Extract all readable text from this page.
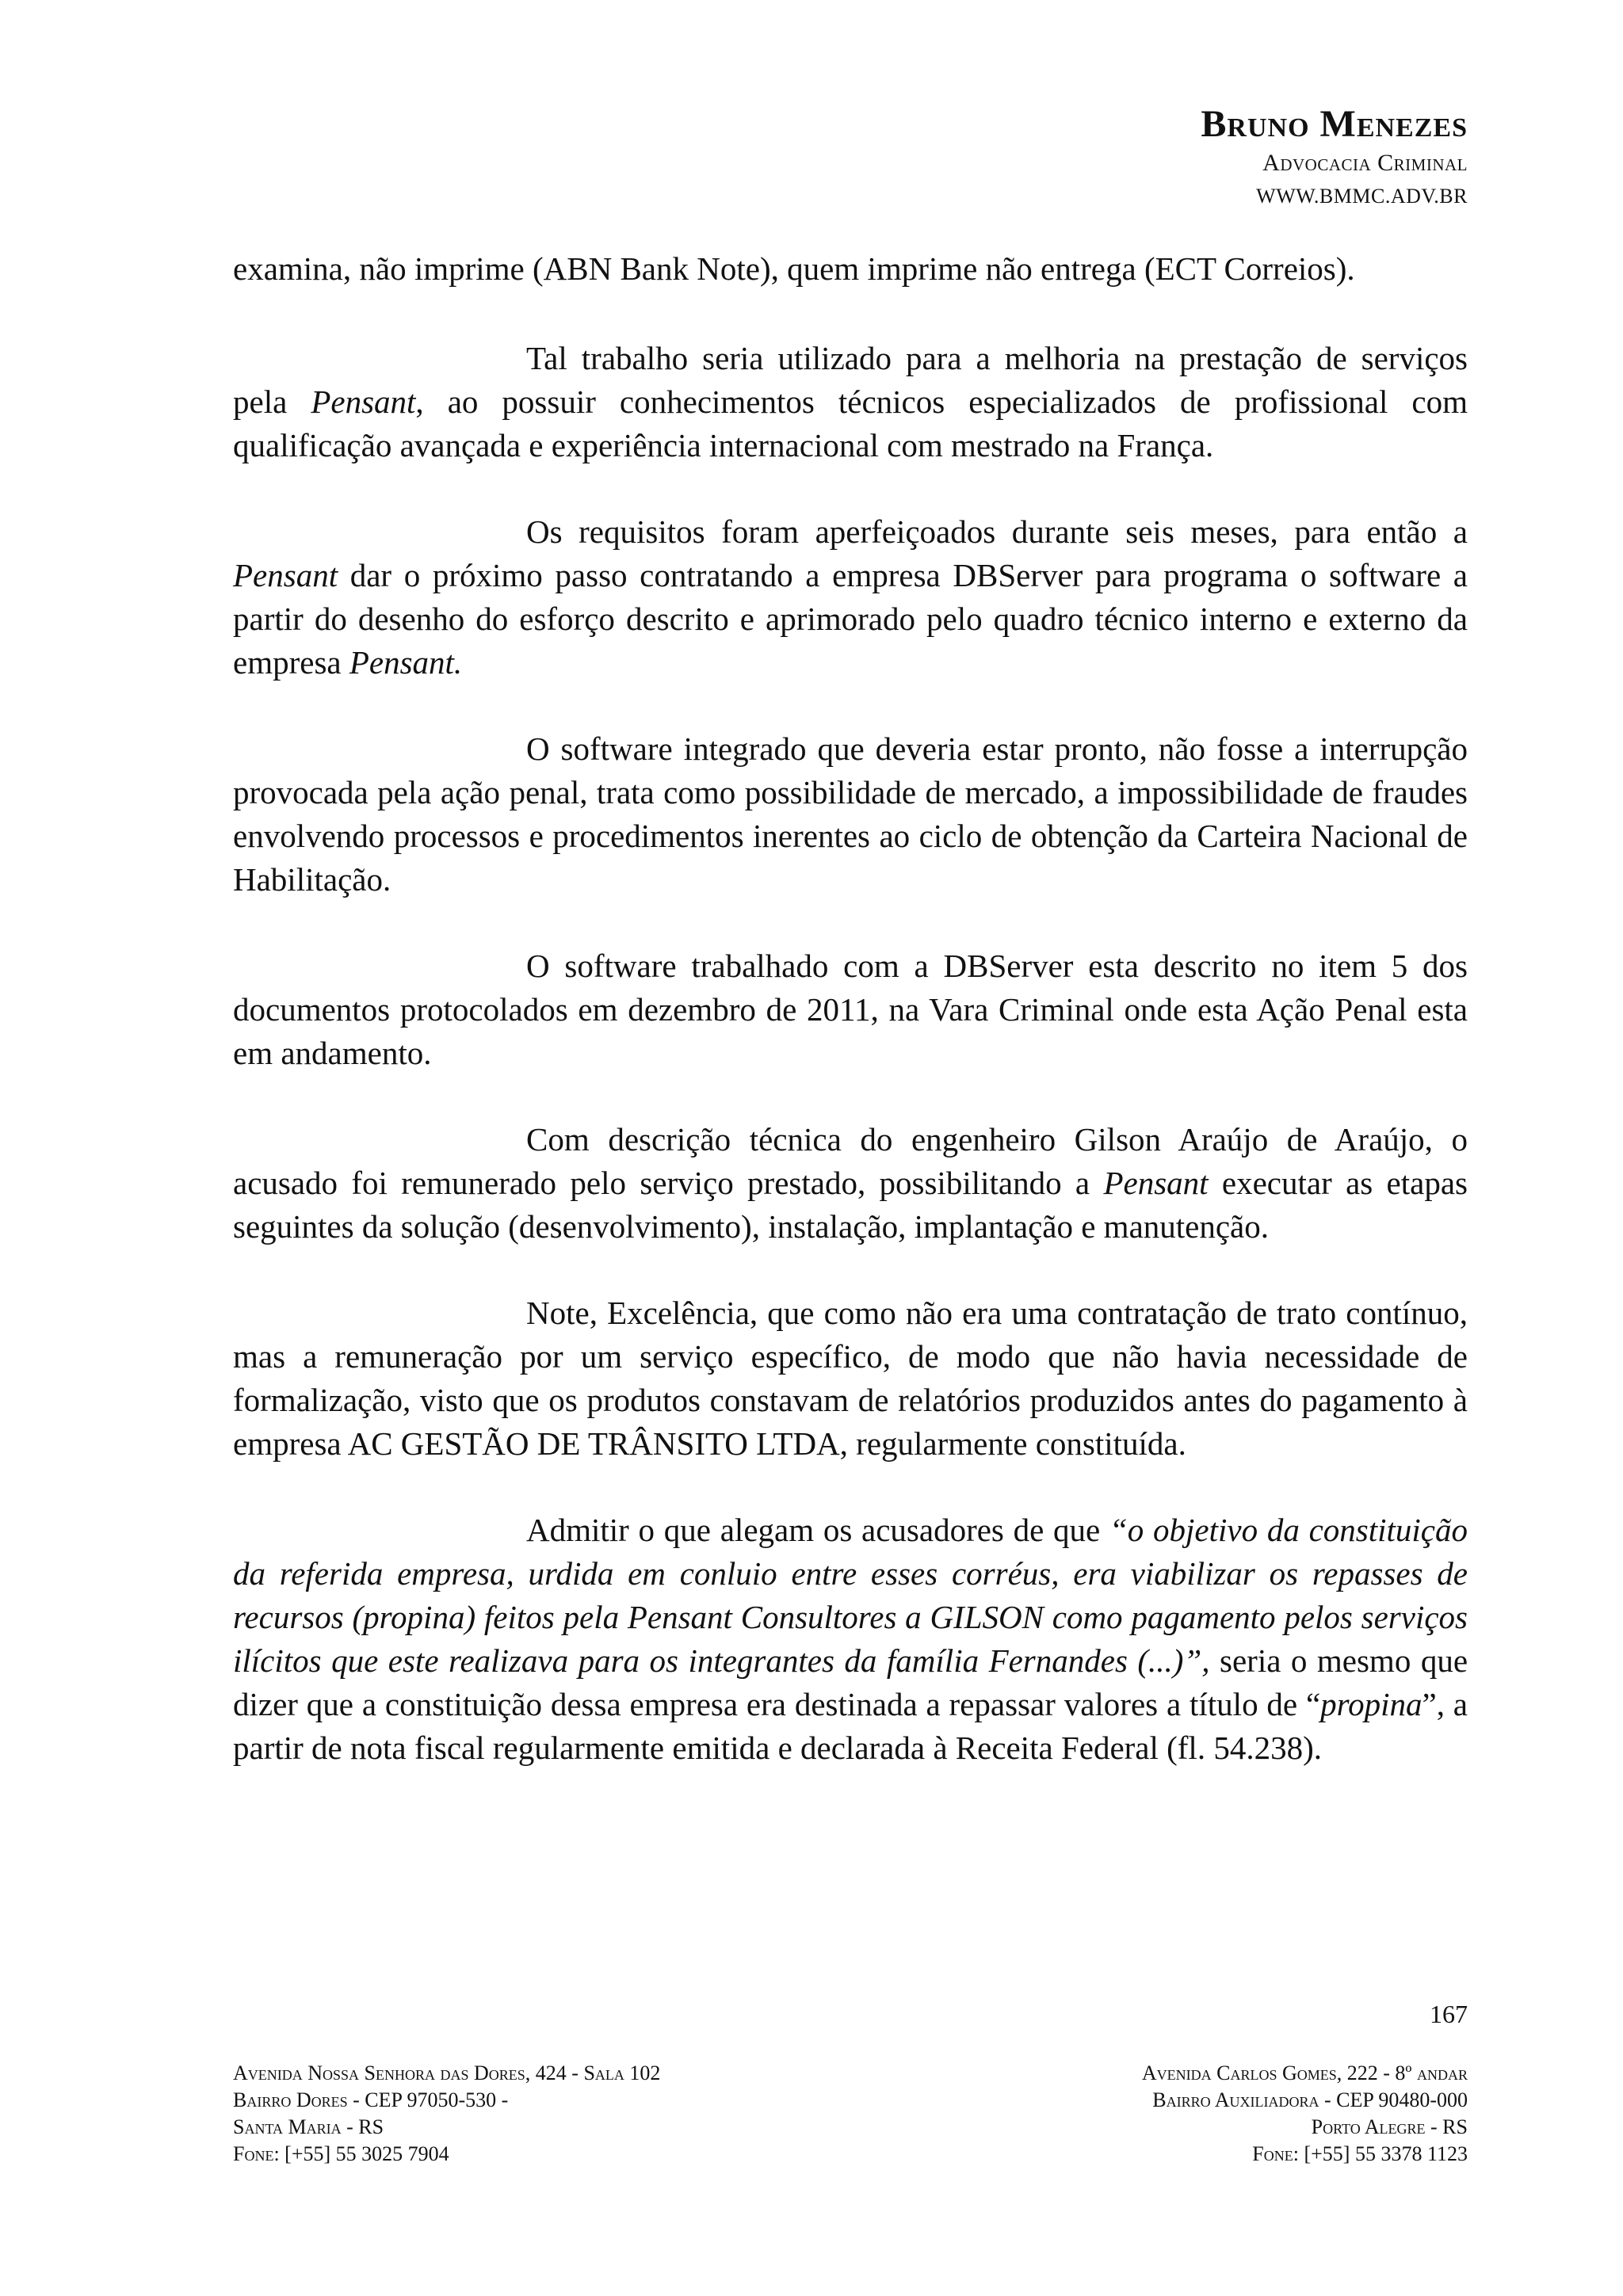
Bruno Menezes
Advocacia Criminal
WWW.BMMC.ADV.BR

examina, não imprime (ABN Bank Note), quem imprime não entrega (ECT Correios).

Tal trabalho seria utilizado para a melhoria na prestação de serviços pela Pensant, ao possuir conhecimentos técnicos especializados de profissional com qualificação avançada e experiência internacional com mestrado na França.

Os requisitos foram aperfeiçoados durante seis meses, para então a Pensant dar o próximo passo contratando a empresa DBServer para programa o software a partir do desenho do esforço descrito e aprimorado pelo quadro técnico interno e externo da empresa Pensant.

O software integrado que deveria estar pronto, não fosse a interrupção provocada pela ação penal, trata como possibilidade de mercado, a impossibilidade de fraudes envolvendo processos e procedimentos inerentes ao ciclo de obtenção da Carteira Nacional de Habilitação.

O software trabalhado com a DBServer esta descrito no item 5 dos documentos protocolados em dezembro de 2011, na Vara Criminal onde esta Ação Penal esta em andamento.

Com descrição técnica do engenheiro Gilson Araújo de Araújo, o acusado foi remunerado pelo serviço prestado, possibilitando a Pensant executar as etapas seguintes da solução (desenvolvimento), instalação, implantação e manutenção.

Note, Excelência, que como não era uma contratação de trato contínuo, mas a remuneração por um serviço específico, de modo que não havia necessidade de formalização, visto que os produtos constavam de relatórios produzidos antes do pagamento à empresa AC GESTÃO DE TRÂNSITO LTDA, regularmente constituída.

Admitir o que alegam os acusadores de que “o objetivo da constituição da referida empresa, urdida em conluio entre esses corréus, era viabilizar os repasses de recursos (propina) feitos pela Pensant Consultores a GILSON como pagamento pelos serviços ilícitos que este realizava para os integrantes da família Fernandes (...)”, seria o mesmo que dizer que a constituição dessa empresa era destinada a repassar valores a título de “propina”, a partir de nota fiscal regularmente emitida e declarada à Receita Federal (fl. 54.238).

167
Avenida Nossa Senhora das Dores, 424 - Sala 102
Bairro Dores - CEP 97050-530 -
Santa Maria - RS
Fone: [+55] 55 3025 7904
Avenida Carlos Gomes, 222 - 8º andar
Bairro Auxiliadora - CEP 90480-000
Porto Alegre - RS
Fone: [+55] 55 3378 1123
